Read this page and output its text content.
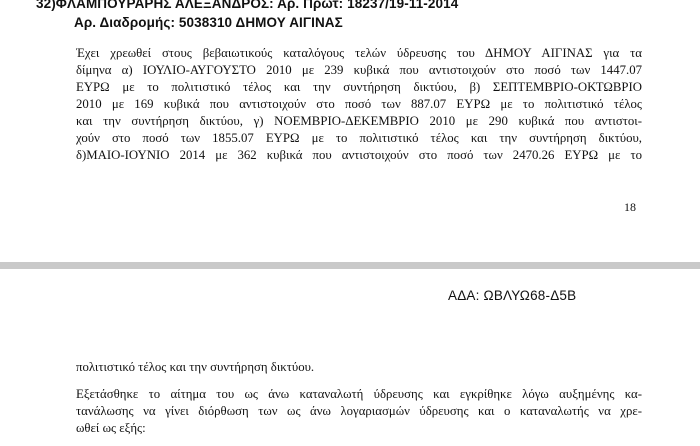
32)ΦΛΑΜΠΟΥΡΑΡΗΣ ΑΛΕΞΑΝΔΡΟΣ: Αρ. Πρωτ: 18237/19-11-2014
Αρ. Διαδρομής: 5038310 ΔΗΜΟΥ ΑΙΓΙΝΑΣ

Έχει χρεωθεί στους βεβαιωτικούς καταλόγους τελών ύδρευσης του ΔΗΜΟΥ ΑΙΓΙΝΑΣ για τα
δίμηνα α) ΙΟΥΛΙΟ-ΑΥΓΟΥΣΤΟ 2010 με 239 κυβικά που αντιστοιχούν στο ποσό των 1447.07
ΕΥΡΩ με το πολιτιστικό τέλος και την συντήρηση δικτύου, β) ΣΕΠΤΕΜΒΡΙΟ-ΟΚΤΩΒΡΙΟ
2010 με 169 κυβικά που αντιστοιχούν στο ποσό των 887.07 ΕΥΡΩ με το πολιτιστικό τέλος
και την συντήρηση δικτύου, γ) ΝΟΕΜΒΡΙΟ-ΔΕΚΕΜΒΡΙΟ 2010 με 290 κυβικά που αντιστοι-
χούν στο ποσό των 1855.07 ΕΥΡΩ με το πολιτιστικό τέλος και την συντήρηση δικτύου,
δ)ΜΑΙΟ-ΙΟΥΝΙΟ 2014 με 362 κυβικά που αντιστοιχούν στο ποσό των 2470.26 ΕΥΡΩ με το

18
ΑΔΑ: ΩΒΛΥΩ68-Δ5Β

πολιτιστικό τέλος και την συντήρηση δικτύου.

Εξετάσθηκε το αίτημα του ως άνω καταναλωτή ύδρευσης και εγκρίθηκε λόγω αυξημένης κα-
τανάλωσης να γίνει διόρθωση των ως άνω λογαριασμών ύδρευσης και ο καταναλωτής να χρε-
ωθεί ως εξής:
